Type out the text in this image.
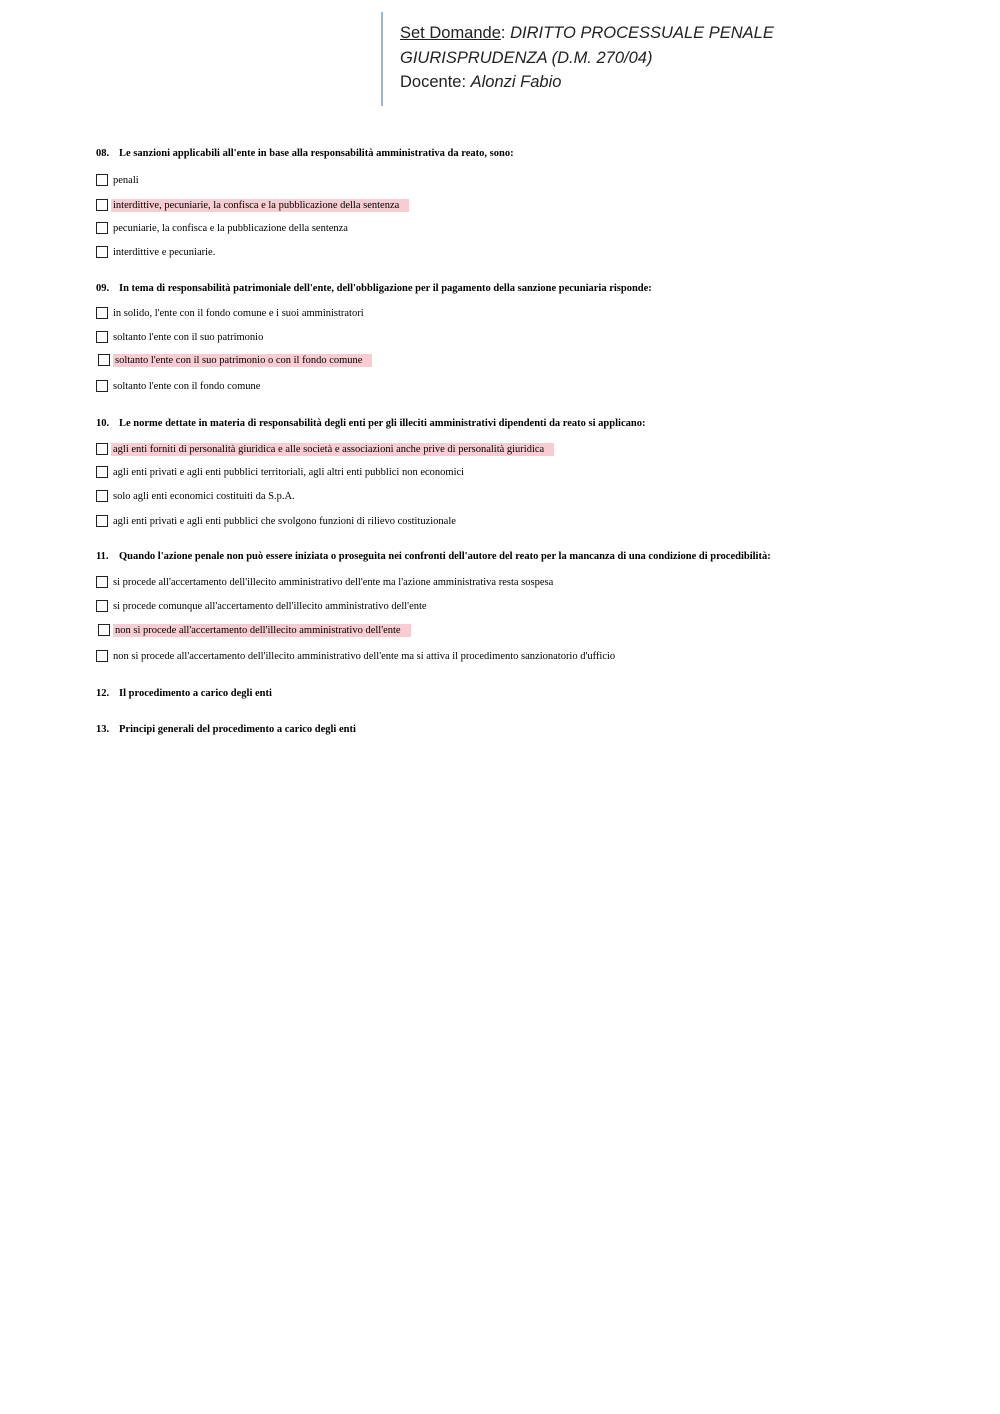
Set Domande: DIRITTO PROCESSUALE PENALE
GIURISPRUDENZA (D.M. 270/04)
Docente: Alonzi Fabio
08. Le sanzioni applicabili all'ente in base alla responsabilità amministrativa da reato, sono:
penali
interdittive, pecuniarie, la confisca e la pubblicazione della sentenza
pecuniarie, la confisca e la pubblicazione della sentenza
interdittive e pecuniarie.
09. In tema di responsabilità patrimoniale dell'ente, dell'obbligazione per il pagamento della sanzione pecuniaria risponde:
in solido, l'ente con il fondo comune e i suoi amministratori
soltanto l'ente con il suo patrimonio
soltanto l'ente con il suo patrimonio o con il fondo comune
soltanto l'ente con il fondo comune
10. Le norme dettate in materia di responsabilità degli enti per gli illeciti amministrativi dipendenti da reato si applicano:
agli enti forniti di personalità giuridica e alle società e associazioni anche prive di personalità giuridica
agli enti privati e agli enti pubblici territoriali, agli altri enti pubblici non economici
solo agli enti economici costituiti da S.p.A.
agli enti privati e agli enti pubblici che svolgono funzioni di rilievo costituzionale
11. Quando l'azione penale non può essere iniziata o proseguita nei confronti dell'autore del reato per la mancanza di una condizione di procedibilità:
si procede all'accertamento dell'illecito amministrativo dell'ente ma l'azione amministrativa resta sospesa
si procede comunque all'accertamento dell'illecito amministrativo dell'ente
non si procede all'accertamento dell'illecito amministrativo dell'ente
non si procede all'accertamento dell'illecito amministrativo dell'ente ma si attiva il procedimento sanzionatorio d'ufficio
12. Il procedimento a carico degli enti
13. Principi generali del procedimento a carico degli enti
